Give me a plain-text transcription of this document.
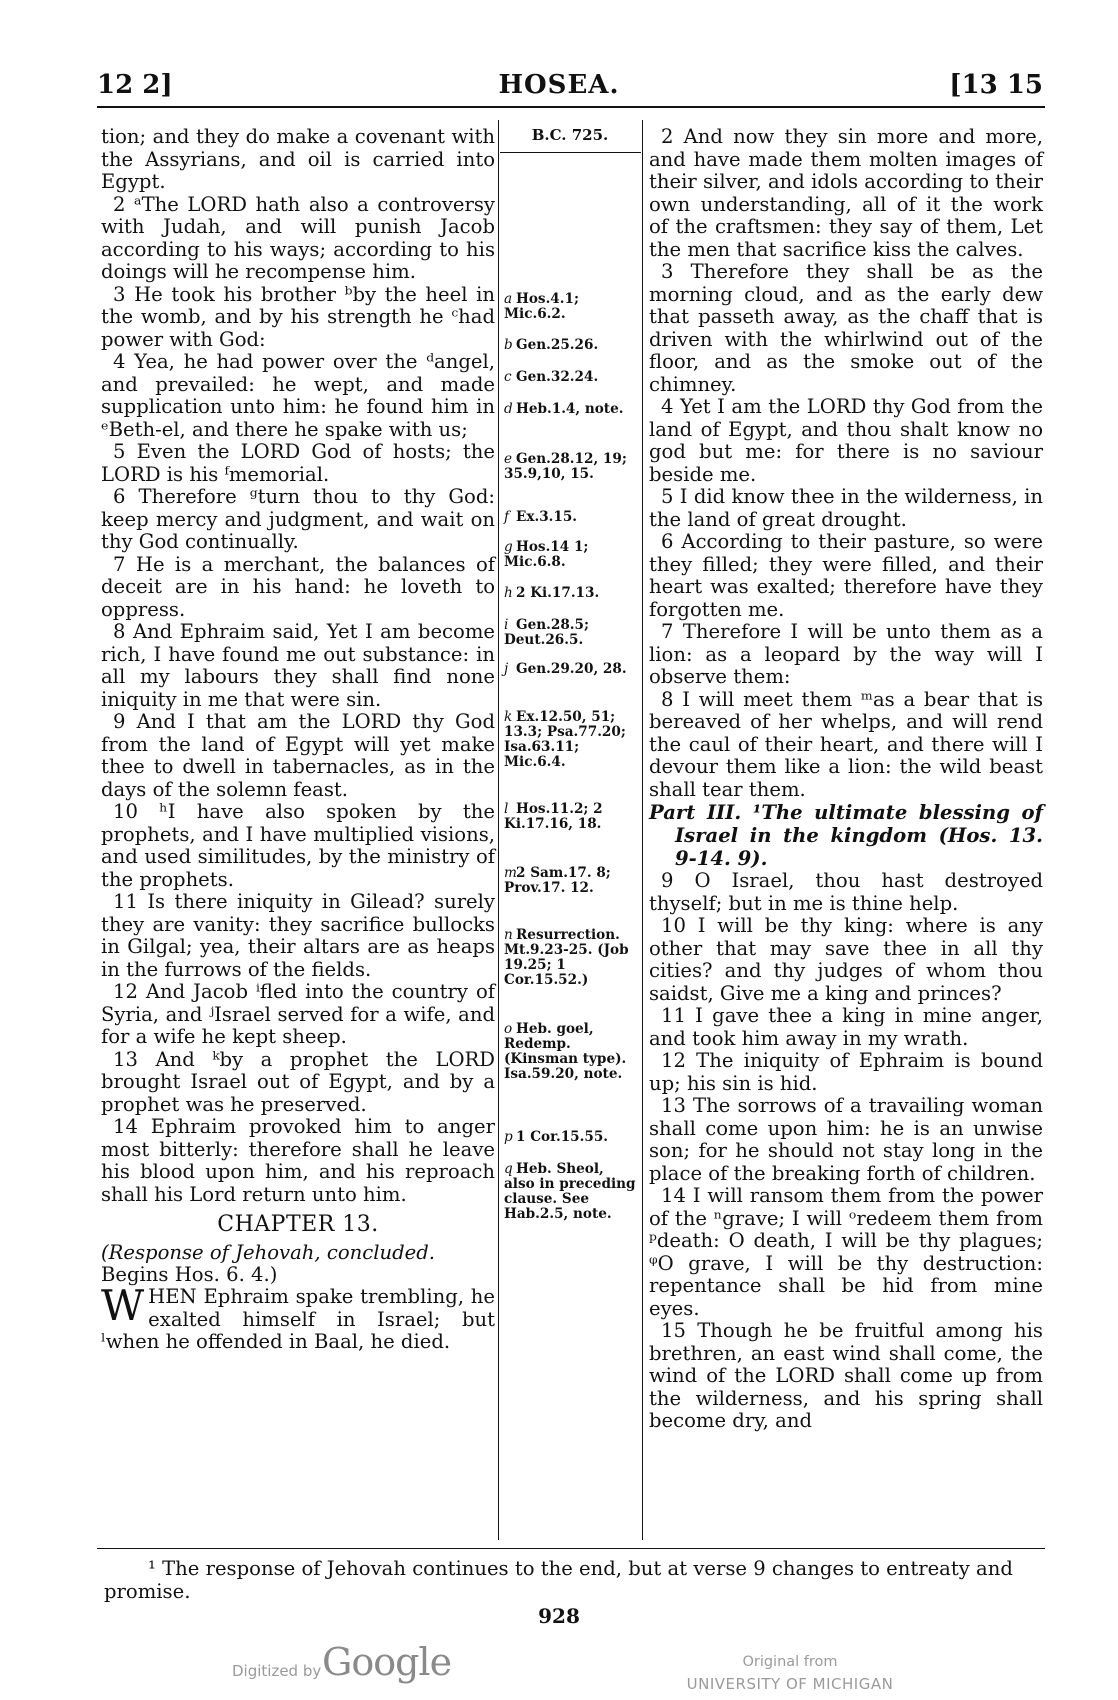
12 2]	HOSEA.	[13 15

tion; and they do make a covenant with the Assyrians, and oil is carried into Egypt.

2 ᵃThe LORD hath also a controversy with Judah, and will punish Jacob according to his ways; according to his doings will he recompense him.

3 He took his brother ᵇby the heel in the womb, and by his strength he ᶜhad power with God:

4 Yea, he had power over the ᵈangel, and prevailed: he wept, and made supplication unto him: he found him in ᵉBeth-el, and there he spake with us;

5 Even the LORD God of hosts; the LORD is his ᶠmemorial.

6 Therefore ᵍturn thou to thy God: keep mercy and judgment, and wait on thy God continually.

7 He is a merchant, the balances of deceit are in his hand: he loveth to oppress.

8 And Ephraim said, Yet I am become rich, I have found me out substance: in all my labours they shall find none iniquity in me that were sin.

9 And I that am the LORD thy God from the land of Egypt will yet make thee to dwell in tabernacles, as in the days of the solemn feast.

10 ʰI have also spoken by the prophets, and I have multiplied visions, and used similitudes, by the ministry of the prophets.

11 Is there iniquity in Gilead? surely they are vanity: they sacrifice bullocks in Gilgal; yea, their altars are as heaps in the furrows of the fields.

12 And Jacob ⁱfled into the country of Syria, and ʲIsrael served for a wife, and for a wife he kept sheep.

13 And ᵏby a prophet the LORD brought Israel out of Egypt, and by a prophet was he preserved.

14 Ephraim provoked him to anger most bitterly: therefore shall he leave his blood upon him, and his reproach shall his Lord return unto him.

CHAPTER 13.

(Response of Jehovah, concluded.

Begins Hos. 6. 4.)

WHEN Ephraim spake trembling, he exalted himself in Israel; but ˡwhen he offended in Baal, he died.

B.C. 725.
a Hos.4.1; Mic.6.2.
b Gen.25.26.
c Gen.32.24.
d Heb.1.4, note.
e Gen.28.12, 19; 35.9,10, 15.
f Ex.3.15.
g Hos.14 1; Mic.6.8.
h 2 Ki.17.13.
i Gen.28.5; Deut.26.5.
j Gen.29.20, 28.
k Ex.12.50, 51; 13.3; Psa.77.20; Isa.63.11; Mic.6.4.
l Hos.11.2; 2 Ki.17.16, 18.
m2 Sam.17. 8; Prov.17. 12.
n Resurrection. Mt.9.23-25. (Job 19.25; 1 Cor.15.52.)
o Heb. goel, Redemp. (Kinsman type). Isa.59.20, note.
p 1 Cor.15.55.
q Heb. Sheol, also in preceding clause. See Hab.2.5, note.

2 And now they sin more and more, and have made them molten images of their silver, and idols according to their own understanding, all of it the work of the craftsmen: they say of them, Let the men that sacrifice kiss the calves.

3 Therefore they shall be as the morning cloud, and as the early dew that passeth away, as the chaff that is driven with the whirlwind out of the floor, and as the smoke out of the chimney.

4 Yet I am the LORD thy God from the land of Egypt, and thou shalt know no god but me: for there is no saviour beside me.

5 I did know thee in the wilderness, in the land of great drought.

6 According to their pasture, so were they filled; they were filled, and their heart was exalted; therefore have they forgotten me.

7 Therefore I will be unto them as a lion: as a leopard by the way will I observe them:

8 I will meet them ᵐas a bear that is bereaved of her whelps, and will rend the caul of their heart, and there will I devour them like a lion: the wild beast shall tear them.

Part III. ¹The ultimate blessing of Israel in the kingdom (Hos. 13. 9-14. 9).

9 O Israel, thou hast destroyed thyself; but in me is thine help.

10 I will be thy king: where is any other that may save thee in all thy cities? and thy judges of whom thou saidst, Give me a king and princes?

11 I gave thee a king in mine anger, and took him away in my wrath.

12 The iniquity of Ephraim is bound up; his sin is hid.

13 The sorrows of a travailing woman shall come upon him: he is an unwise son; for he should not stay long in the place of the breaking forth of children.

14 I will ransom them from the power of the ⁿgrave; I will ᵒredeem them from ᵖdeath: O death, I will be thy plagues; ᵠO grave, I will be thy destruction: repentance shall be hid from mine eyes.

15 Though he be fruitful among his brethren, an east wind shall come, the wind of the LORD shall come up from the wilderness, and his spring shall become dry, and

¹ The response of Jehovah continues to the end, but at verse 9 changes to entreaty and promise.
928
Digitized by Google	Original from
UNIVERSITY OF MICHIGAN
